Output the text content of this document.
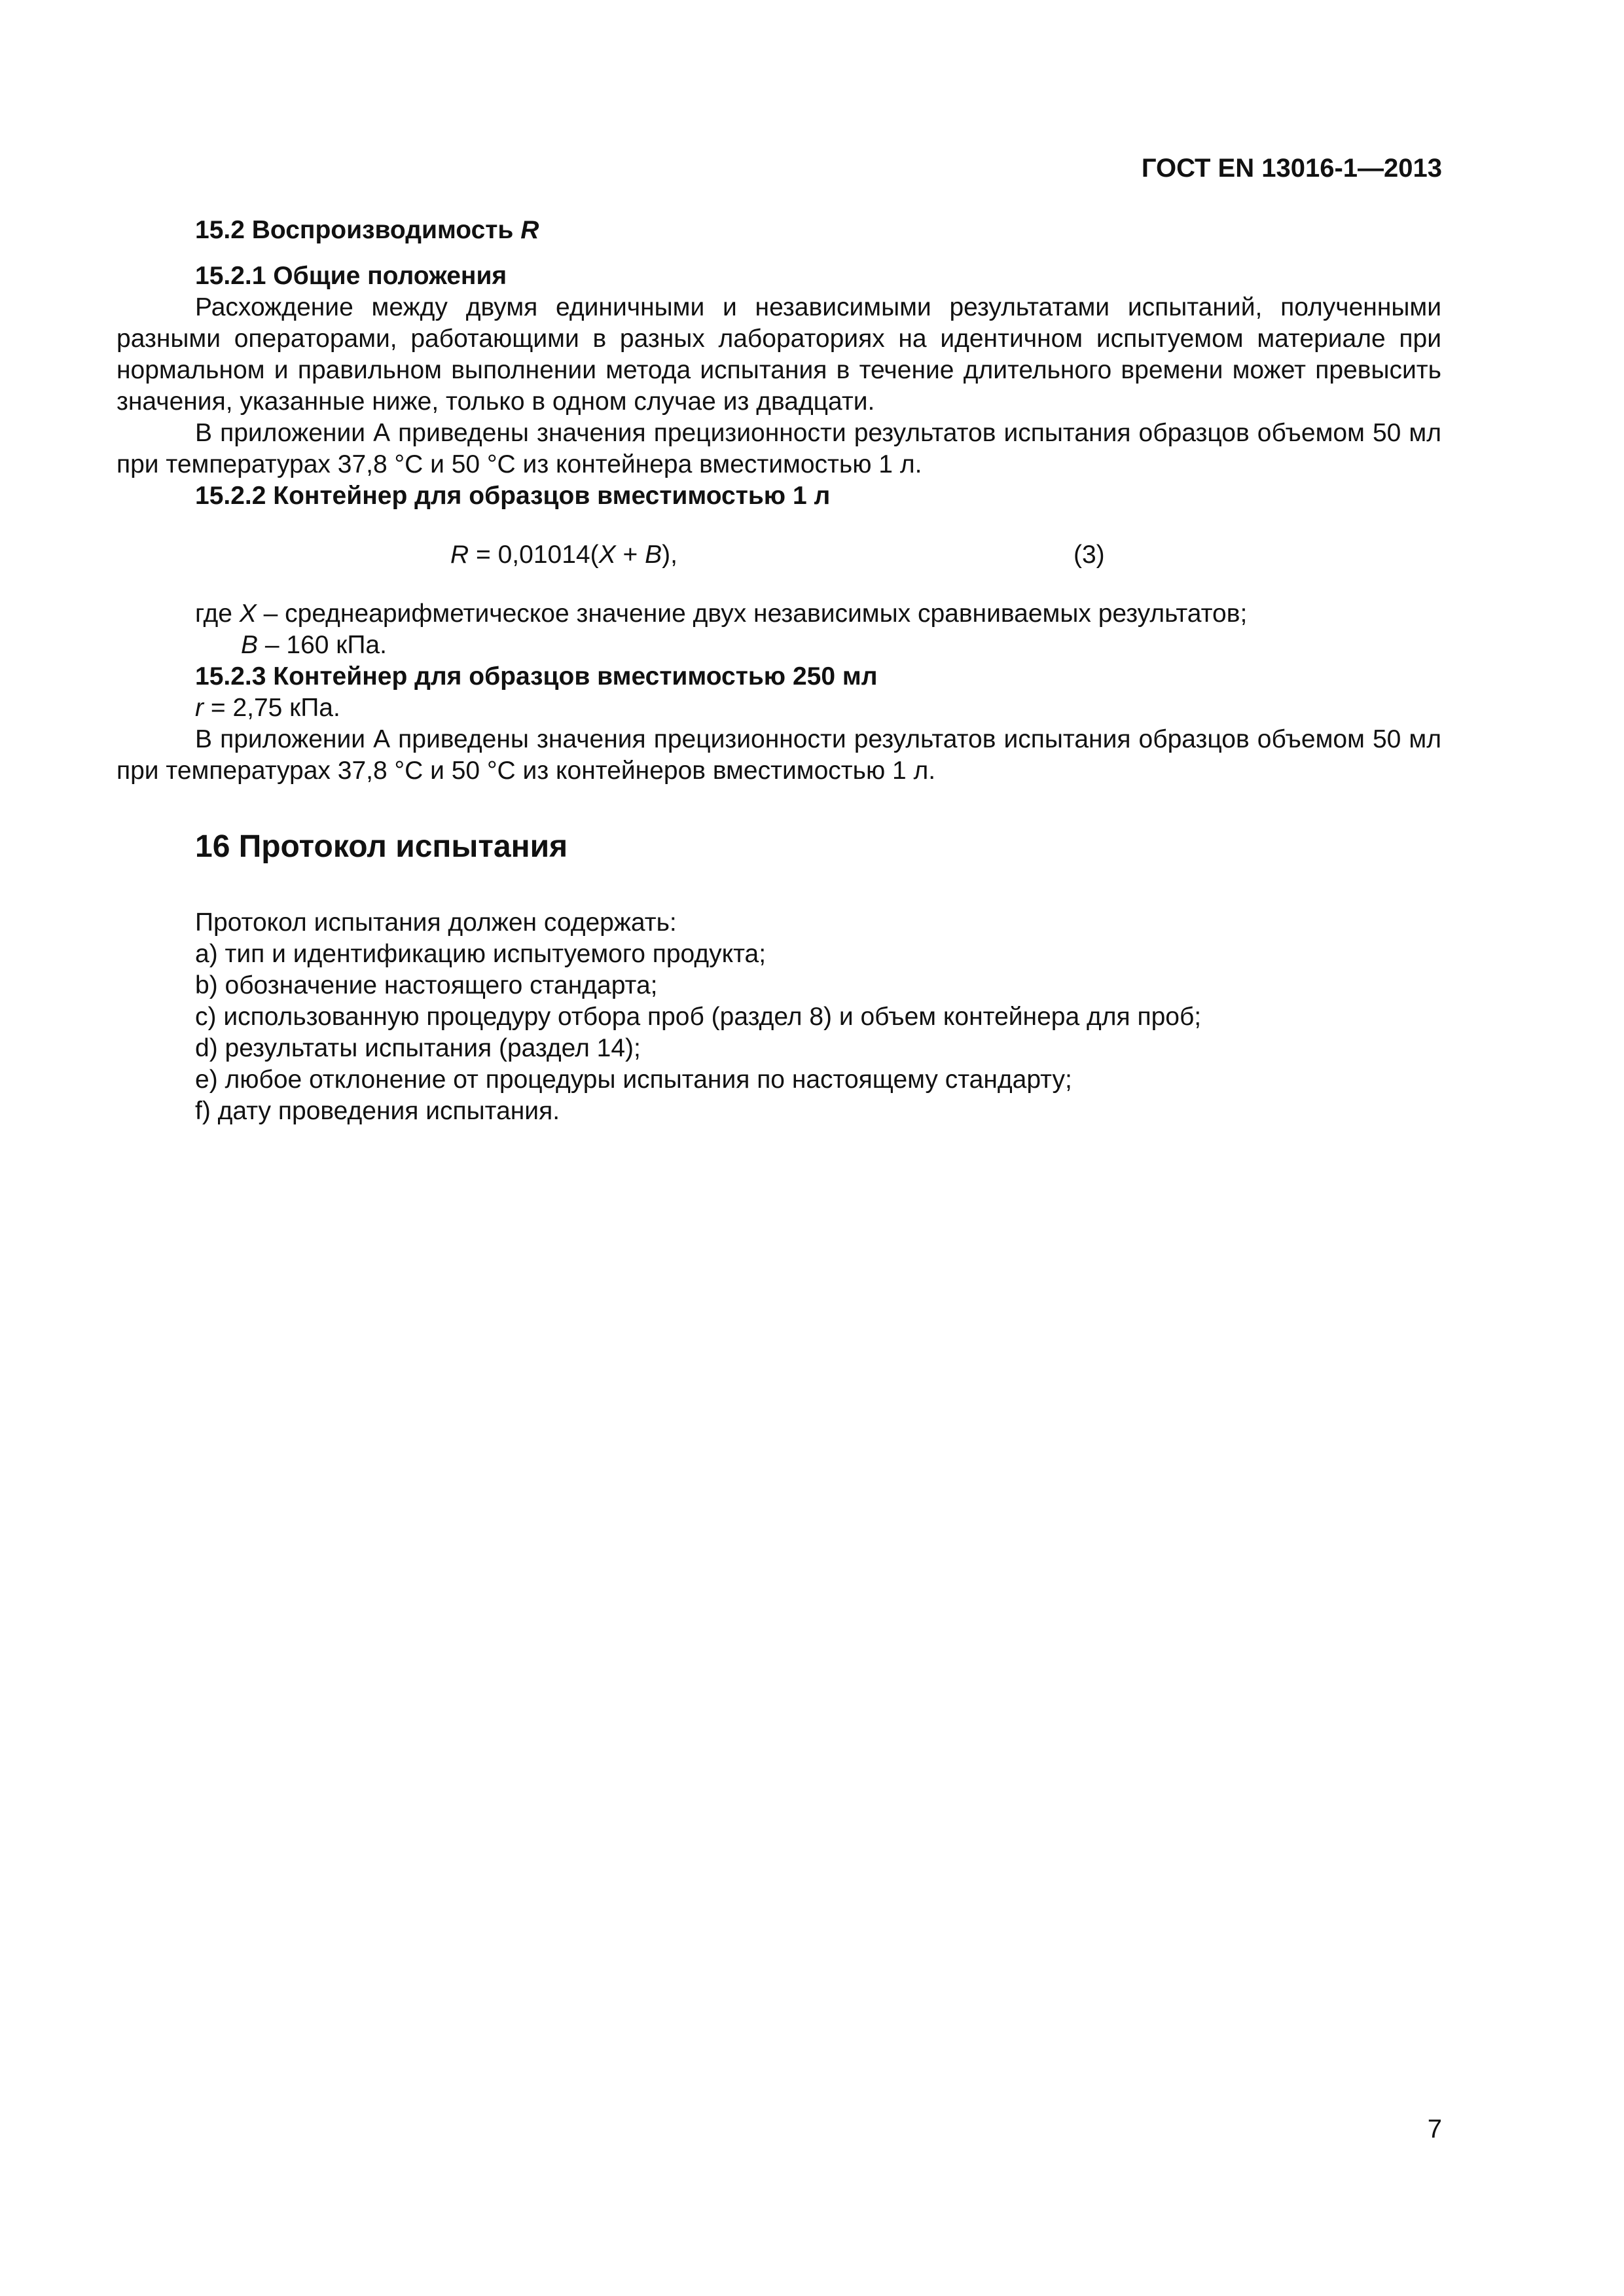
ГОСТ EN 13016-1—2013

15.2 Воспроизводимость R

15.2.1 Общие положения

Расхождение между двумя единичными и независимыми результатами испытаний, полученными разными операторами, работающими в разных лабораториях на идентичном испытуемом материале при нормальном и правильном выполнении метода испытания в течение длительного времени может превысить значения, указанные ниже, только в одном случае из двадцати.

В приложении А приведены значения прецизионности результатов испытания образцов объемом 50 мл при температурах 37,8 °С и 50 °С из контейнера вместимостью 1 л.

15.2.2 Контейнер для образцов вместимостью 1 л

R = 0,01014(X + B),	(3)

где X – среднеарифметическое значение двух независимых сравниваемых результатов;

B – 160 кПа.

15.2.3 Контейнер для образцов вместимостью 250 мл

r = 2,75 кПа.

В приложении А приведены значения прецизионности результатов испытания образцов объемом 50 мл при температурах 37,8 °С и 50 °С из контейнеров вместимостью 1 л.

16 Протокол испытания

Протокол испытания должен содержать:

a) тип и идентификацию испытуемого продукта;

b) обозначение настоящего стандарта;

c) использованную процедуру отбора проб (раздел 8) и объем контейнера для проб;

d) результаты испытания (раздел 14);

e) любое отклонение от процедуры испытания по настоящему стандарту;

f) дату проведения испытания.

7
